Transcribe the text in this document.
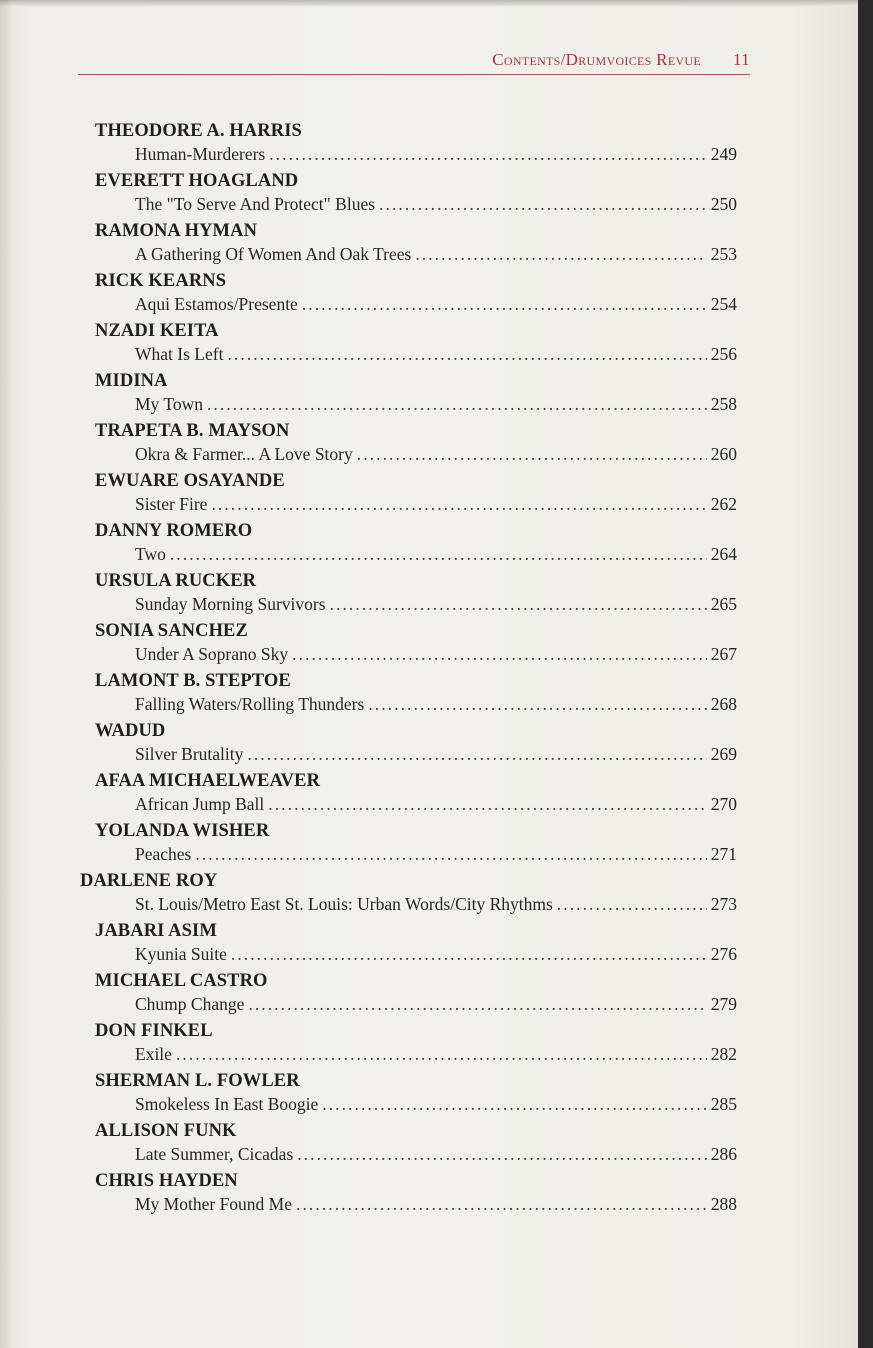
Contents/Drumvoices Revue 11
THEODORE A. HARRIS
Human-Murderers . . .	249
EVERETT HOAGLAND
The "To Serve And Protect" Blues . . .	250
RAMONA HYMAN
A Gathering Of Women And Oak Trees . . .	253
RICK KEARNS
Aqui Estamos/Presente . . .	254
NZADI KEITA
What Is Left . . .	256
MIDINA
My Town . . .	258
TRAPETA B. MAYSON
Okra & Farmer... A Love Story . . .	260
EWUARE OSAYANDE
Sister Fire . . .	262
DANNY ROMERO
Two . . .	264
URSULA RUCKER
Sunday Morning Survivors . . .	265
SONIA SANCHEZ
Under A Soprano Sky . . .	267
LAMONT B. STEPTOE
Falling Waters/Rolling Thunders . . .	268
WADUD
Silver Brutality . . .	269
AFAA MICHAELWEAVER
African Jump Ball . . .	270
YOLANDA WISHER
Peaches . . .	271
DARLENE ROY
St. Louis/Metro East St. Louis: Urban Words/City Rhythms . . .	273
JABARI ASIM
Kyunia Suite . . .	276
MICHAEL CASTRO
Chump Change . . .	279
DON FINKEL
Exile . . .	282
SHERMAN L. FOWLER
Smokeless In East Boogie . . .	285
ALLISON FUNK
Late Summer, Cicadas . . .	286
CHRIS HAYDEN
My Mother Found Me . . .	288
